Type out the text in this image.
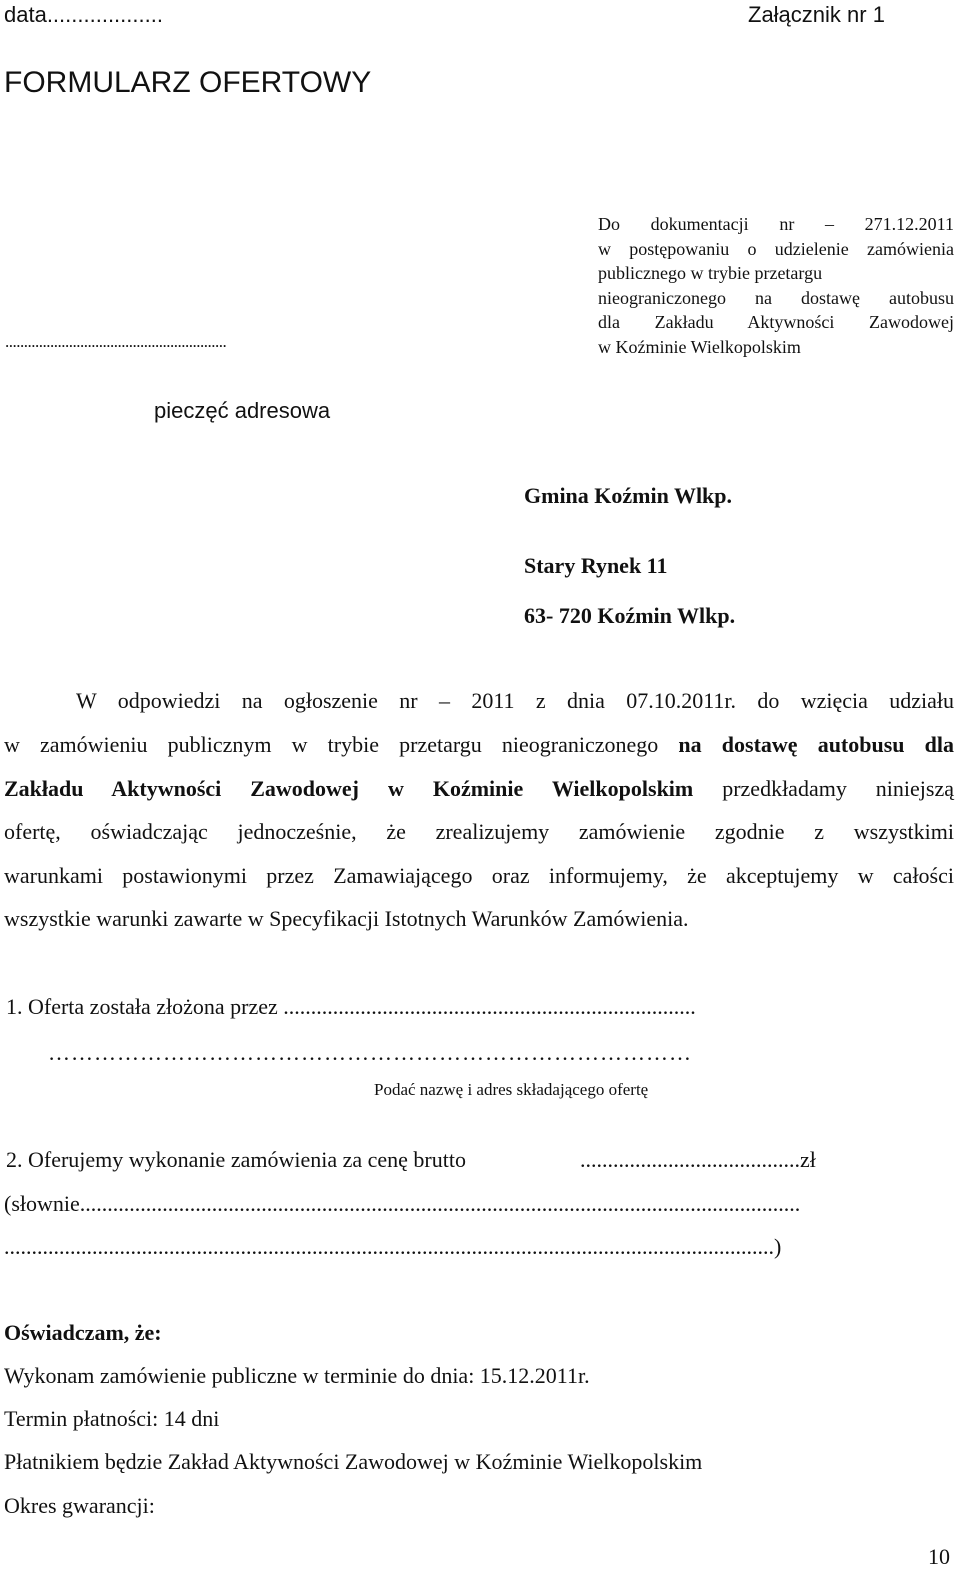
data...................	Załącznik nr 1
FORMULARZ OFERTOWY
...........................................................
pieczęć adresowa
Do dokumentacji nr – 271.12.2011
w postępowaniu o udzielenie zamówienia
publicznego w trybie przetargu
nieograniczonego na dostawę autobusu
dla Zakładu Aktywności Zawodowej
w Koźminie Wielkopolskim
Gmina Koźmin Wlkp.
Stary Rynek 11
63- 720 Koźmin Wlkp.
W odpowiedzi na ogłoszenie nr – 2011 z dnia 07.10.2011r. do wzięcia udziału
w zamówieniu publicznym w trybie przetargu nieograniczonego na dostawę autobusu dla
Zakładu Aktywności Zawodowej w Koźminie Wielkopolskim przedkładamy niniejszą
ofertę, oświadczając jednocześnie, że zrealizujemy zamówienie zgodnie z wszystkimi
warunkami postawionymi przez Zamawiającego oraz informujemy, że akceptujemy w całości
wszystkie warunki zawarte w Specyfikacji Istotnych Warunków Zamówienia.
1. Oferta została złożona przez ...........................................................................
…………………………………………………………………………
Podać nazwę i adres składającego ofertę
2. Oferujemy wykonanie zamówienia za cenę brutto	........................................zł
(słownie...................................................................................................................................
............................................................................................................................................)
Oświadczam, że:
Wykonam zamówienie publiczne w terminie do dnia: 15.12.2011r.
Termin płatności: 14 dni
Płatnikiem będzie Zakład Aktywności Zawodowej w Koźminie Wielkopolskim
Okres gwarancji:
10
